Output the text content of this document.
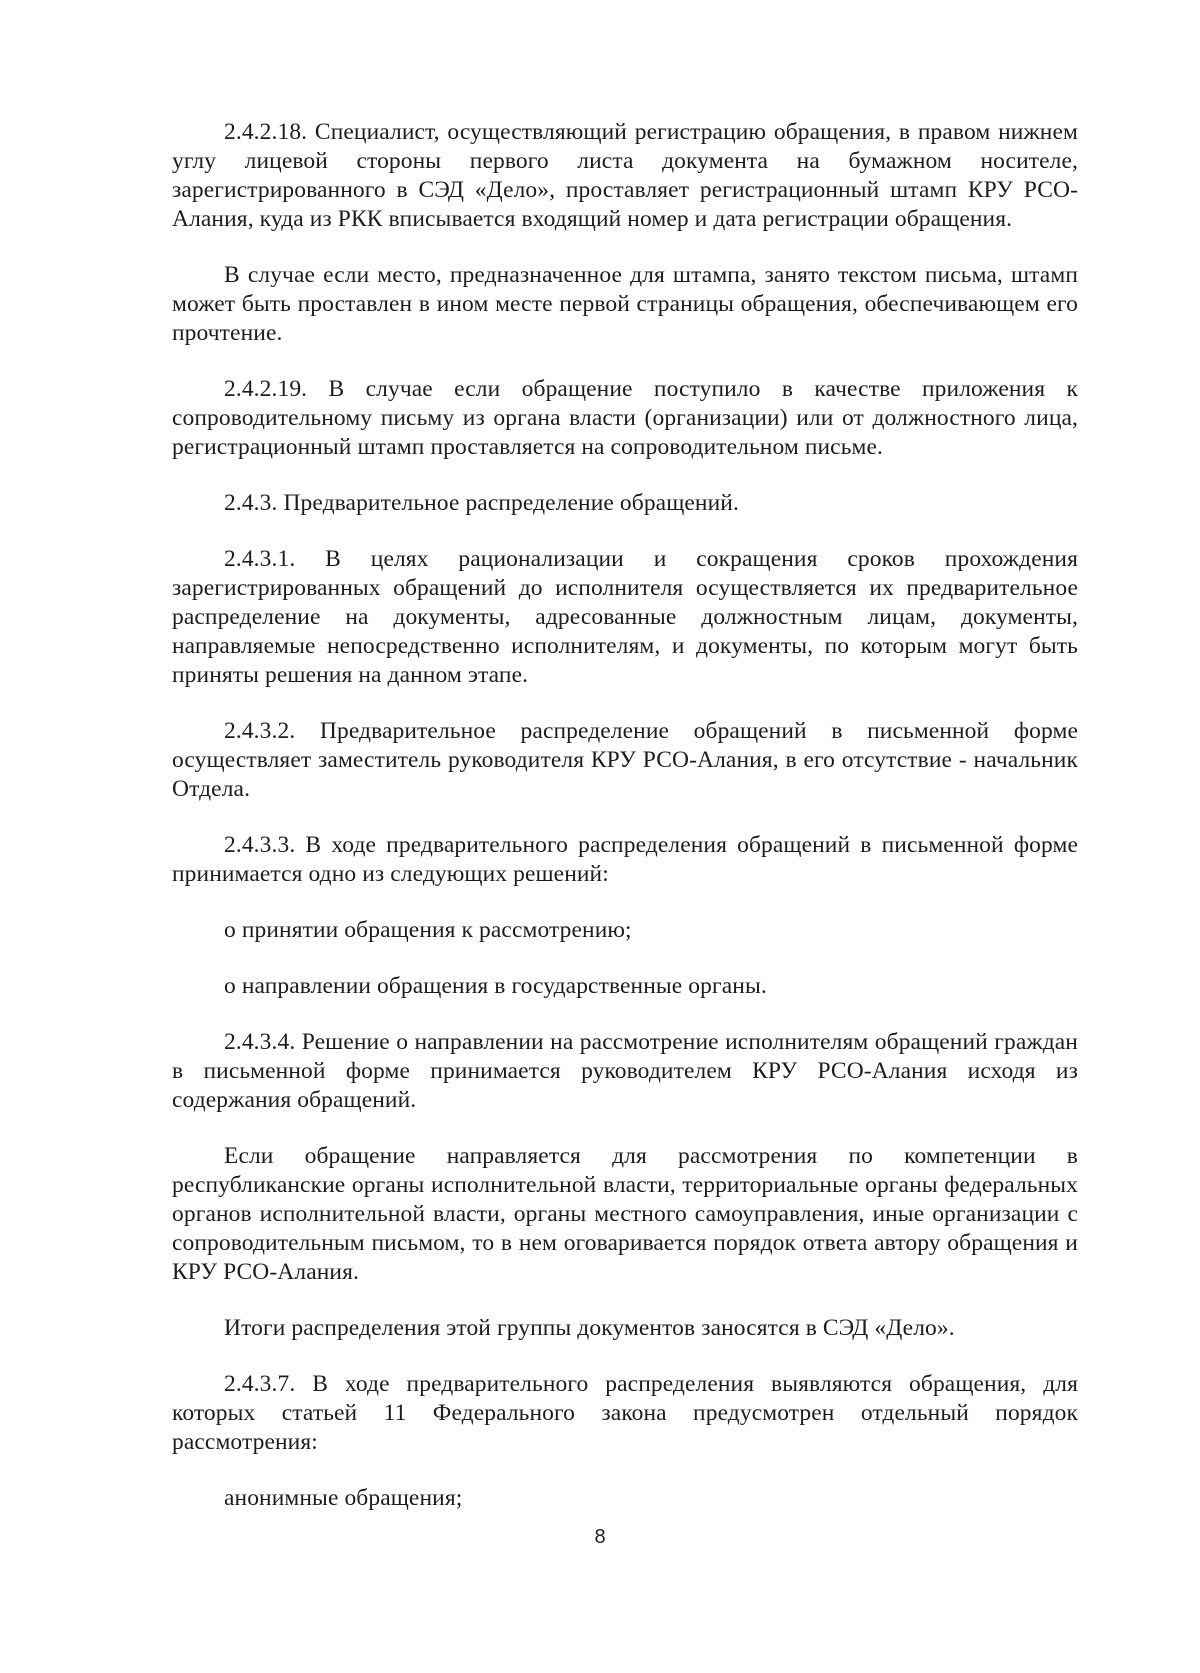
2.4.2.18. Специалист, осуществляющий регистрацию обращения, в правом нижнем углу лицевой стороны первого листа документа на бумажном носителе, зарегистрированного в СЭД «Дело», проставляет регистрационный штамп КРУ РСО-Алания, куда из РКК вписывается входящий номер и дата регистрации обращения.

В случае если место, предназначенное для штампа, занято текстом письма, штамп может быть проставлен в ином месте первой страницы обращения, обеспечивающем его прочтение.

2.4.2.19. В случае если обращение поступило в качестве приложения к сопроводительному письму из органа власти (организации) или от должностного лица, регистрационный штамп проставляется на сопроводительном письме.

2.4.3. Предварительное распределение обращений.

2.4.3.1. В целях рационализации и сокращения сроков прохождения зарегистрированных обращений до исполнителя осуществляется их предварительное распределение на документы, адресованные должностным лицам, документы, направляемые непосредственно исполнителям, и документы, по которым могут быть приняты решения на данном этапе.

2.4.3.2. Предварительное распределение обращений в письменной форме осуществляет заместитель руководителя КРУ РСО-Алания, в его отсутствие - начальник Отдела.

2.4.3.3. В ходе предварительного распределения обращений в письменной форме принимается одно из следующих решений:

о принятии обращения к рассмотрению;

о направлении обращения в государственные органы.

2.4.3.4. Решение о направлении на рассмотрение исполнителям обращений граждан в письменной форме принимается руководителем КРУ РСО-Алания исходя из содержания обращений.

Если обращение направляется для рассмотрения по компетенции в республиканские органы исполнительной власти, территориальные органы федеральных органов исполнительной власти, органы местного самоуправления, иные организации с сопроводительным письмом, то в нем оговаривается порядок ответа автору обращения и КРУ РСО-Алания.

Итоги распределения этой группы документов заносятся в СЭД «Дело».

2.4.3.7. В ходе предварительного распределения выявляются обращения, для которых статьей 11 Федерального закона предусмотрен отдельный порядок рассмотрения:

анонимные обращения;

8
